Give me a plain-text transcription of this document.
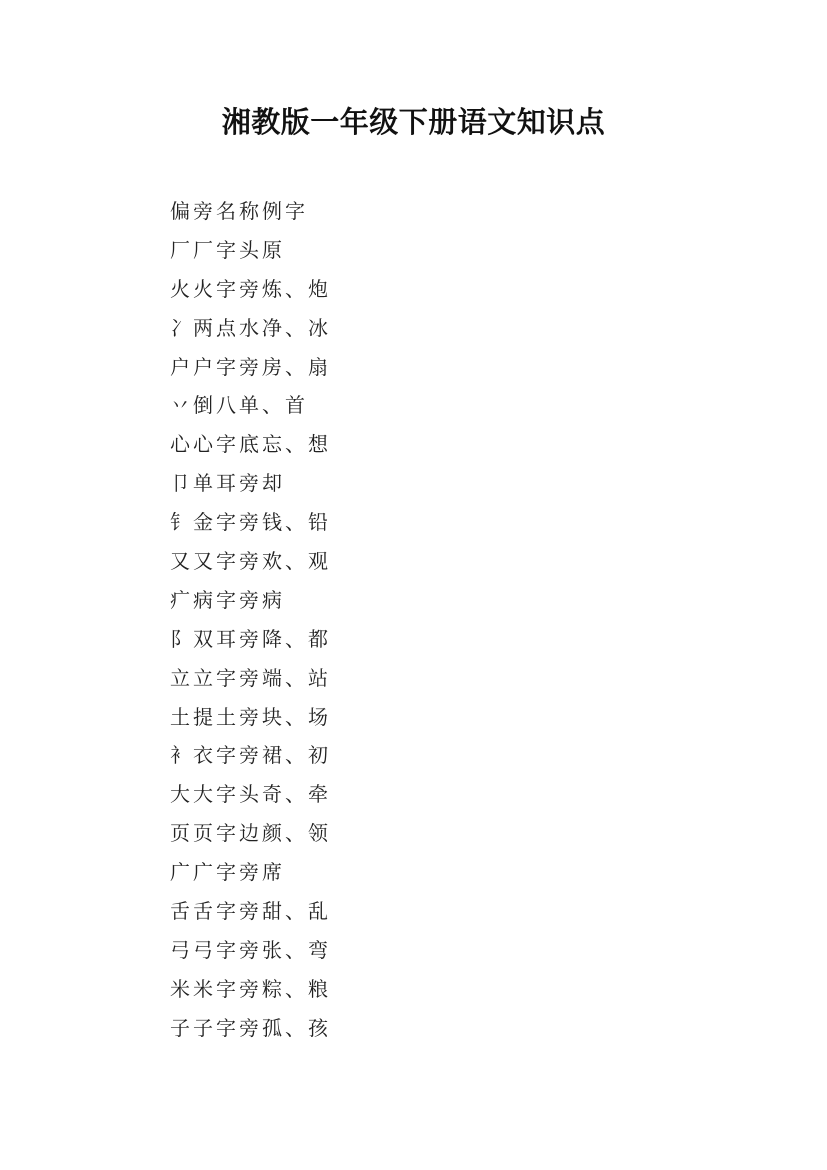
湘教版一年级下册语文知识点
偏旁名称例字
厂厂字头原
火火字旁炼、炮
冫两点水净、冰
户户字旁房、扇
丷倒八单、首
心心字底忘、想
卩单耳旁却
钅金字旁钱、铅
又又字旁欢、观
疒病字旁病
阝双耳旁降、都
立立字旁端、站
土提土旁块、场
衤衣字旁裙、初
大大字头奇、牵
页页字边颜、领
广广字旁席
舌舌字旁甜、乱
弓弓字旁张、弯
米米字旁粽、粮
子子字旁孤、孩
